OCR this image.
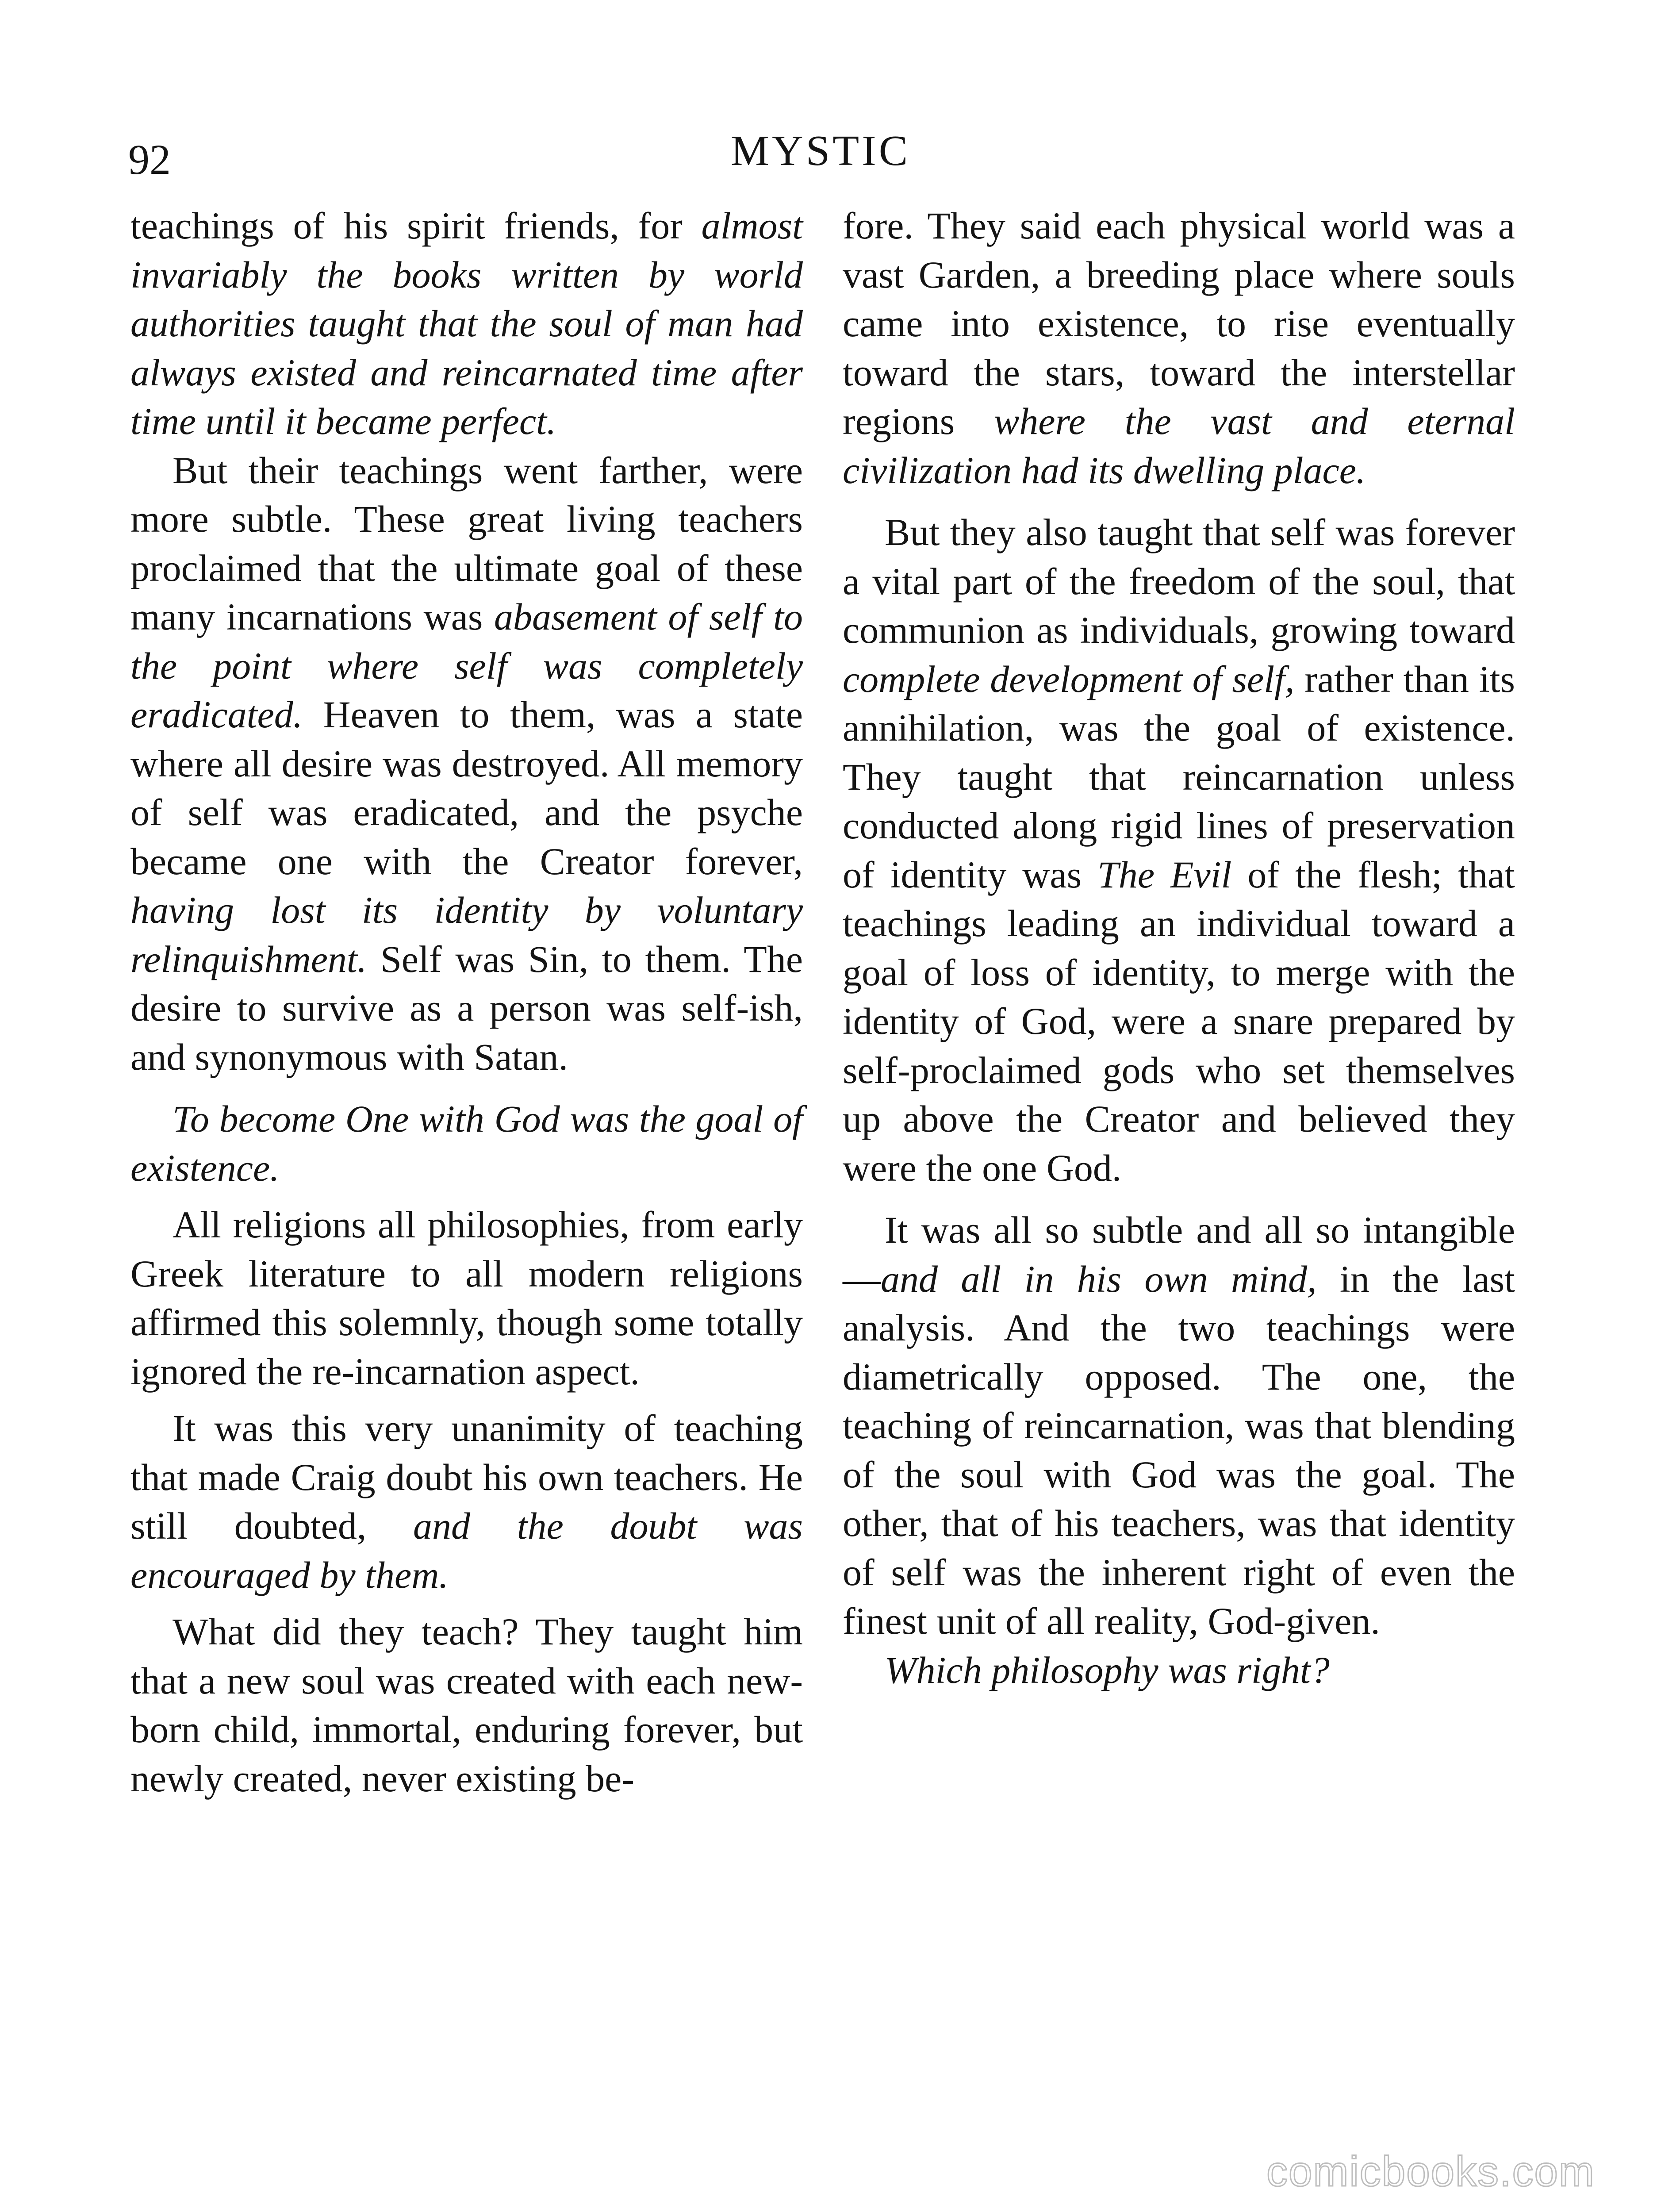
92	MYSTIC

teachings of his spirit friends, for almost invariably the books written by world authorities taught that the soul of man had always existed and reincarnated time after time until it became perfect.

But their teachings went farther, were more subtle. These great living teachers proclaimed that the ultimate goal of these many incarnations was abasement of self to the point where self was completely eradicated. Heaven to them, was a state where all desire was destroyed. All memory of self was eradicated, and the psyche became one with the Creator forever, having lost its identity by voluntary relinquishment. Self was Sin, to them. The desire to survive as a person was self-ish, and synonymous with Satan.

To become One with God was the goal of existence.

All religions all philosophies, from early Greek literature to all modern religions affirmed this solemnly, though some totally ignored the re-incarnation aspect.

It was this very unanimity of teaching that made Craig doubt his own teachers. He still doubted, and the doubt was encouraged by them.

What did they teach? They taught him that a new soul was created with each new-born child, immortal, enduring forever, but newly created, never existing be-

fore. They said each physical world was a vast Garden, a breeding place where souls came into existence, to rise eventually toward the stars, toward the interstellar regions where the vast and eternal civilization had its dwelling place.

But they also taught that self was forever a vital part of the freedom of the soul, that communion as individuals, growing toward complete development of self, rather than its annihilation, was the goal of existence. They taught that reincarnation unless conducted along rigid lines of preservation of identity was The Evil of the flesh; that teachings leading an individual toward a goal of loss of identity, to merge with the identity of God, were a snare prepared by self-proclaimed gods who set themselves up above the Creator and believed they were the one God.

It was all so subtle and all so intangible—and all in his own mind, in the last analysis. And the two teachings were diametrically opposed. The one, the teaching of reincarnation, was that blending of the soul with God was the goal. The other, that of his teachers, was that identity of self was the inherent right of even the finest unit of all reality, God-given.

Which philosophy was right?

comicbooks.com
